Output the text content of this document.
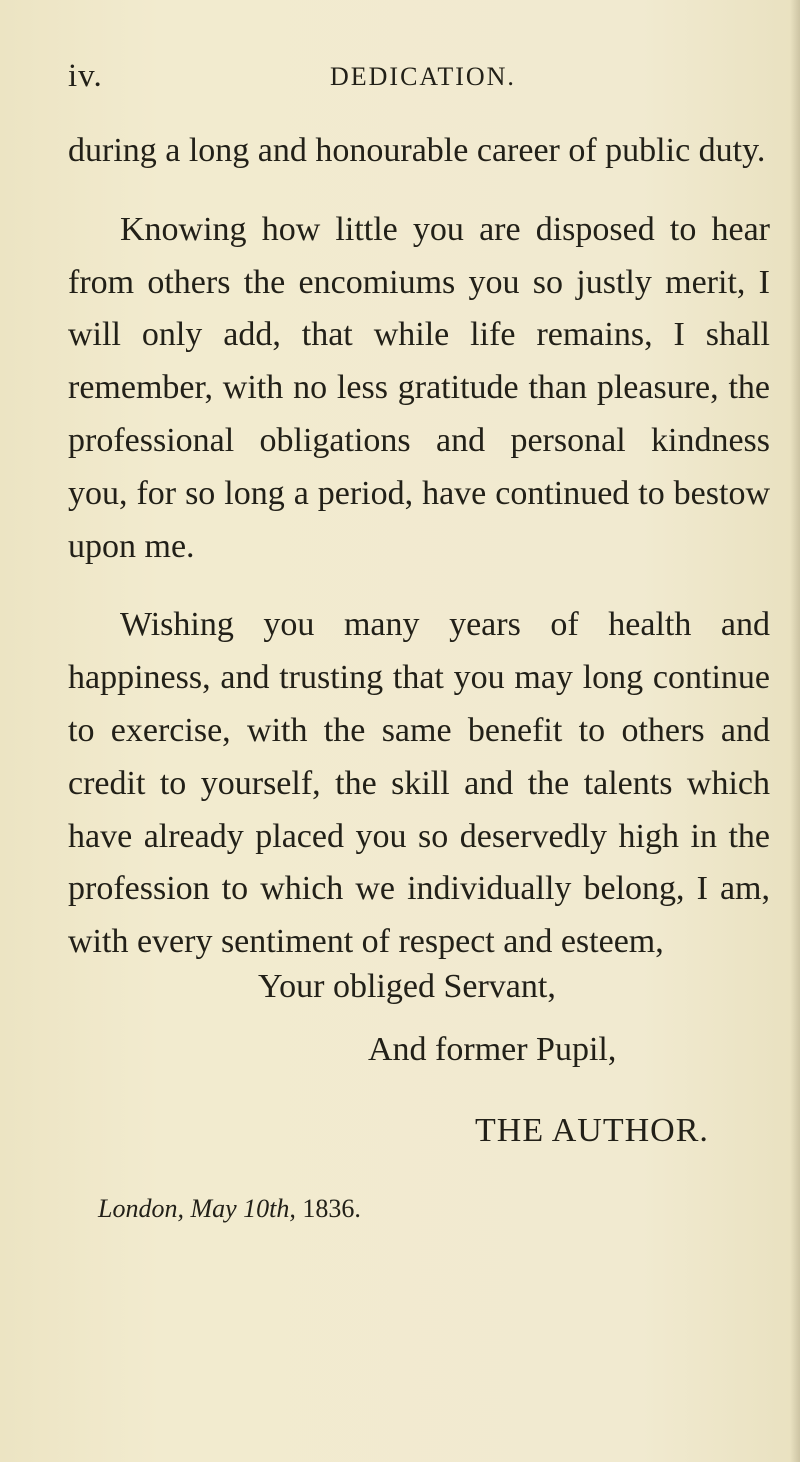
iv.	DEDICATION.

during a long and honourable career of public duty.

Knowing how little you are disposed to hear from others the encomiums you so justly merit, I will only add, that while life remains, I shall remember, with no less gratitude than pleasure, the professional obligations and personal kindness you, for so long a period, have continued to bestow upon me.

Wishing you many years of health and happiness, and trusting that you may long continue to exercise, with the same benefit to others and credit to yourself, the skill and the talents which have already placed you so deservedly high in the profession to which we individually belong, I am, with every sentiment of respect and esteem,

Your obliged Servant,
And former Pupil,
THE AUTHOR.
London, May 10th, 1836.
